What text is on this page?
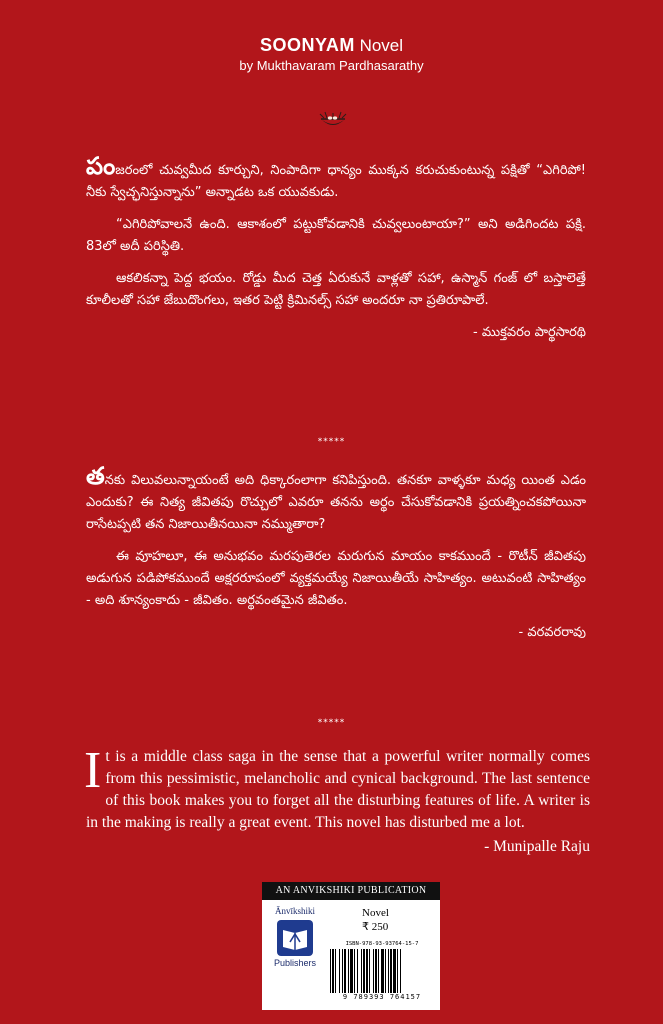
SOONYAM Novel
by Mukthavaram Pardhasarathy

పంజరంలో చువ్వమీద కూర్చుని, నింపాదిగా ధాన్యం ముక్కన కరుచుకుంటున్న పక్షితో “ఎగిరిపో! నీకు స్వేచ్ఛనిస్తున్నాను” అన్నాడట ఒక యువకుడు.

“ఎగిరిపోవాలనే ఉంది. ఆకాశంలో పట్టుకోవడానికి చువ్వలుంటాయా?” అని అడిగిందట పక్షి. 83లో అదీ పరిస్థితి.

ఆకలికన్నా పెద్ద భయం. రోడ్డు మీద చెత్త ఏరుకునే వాళ్లతో సహా, ఉస్మాన్ గంజ్ లో బస్తాలెత్తే కూలీలతో సహా జేబుదొంగలు, ఇతర పెట్టి క్రిమినల్స్ సహా అందరూ నా ప్రతిరూపాలే.

- ముక్తవరం పార్థసారథి
*****

తనకు విలువలున్నాయంటే అది ధిక్కారంలాగా కనిపిస్తుంది. తనకూ వాళ్ళకూ మధ్య యింత ఎడం ఎందుకు? ఈ నిత్య జీవితపు రొచ్చులో ఎవరూ తనను అర్థం చేసుకోవడానికి ప్రయత్నించకపోయినా రాసేటప్పటి తన నిజాయితీనయినా నమ్ముతారా?

ఈ వూహలూ, ఈ అనుభవం మరపుతెరల మరుగున మాయం కాకముందే - రొటీన్ జీవితపు అడుగున పడిపోకముందే అక్షరరూపంలో వ్యక్తమయ్యే నిజాయితీయే సాహిత్యం. అటువంటి సాహిత్యం - అది శూన్యంకాదు - జీవితం. అర్థవంతమైన జీవితం.

- వరవరరావు
*****
It is a middle class saga in the sense that a powerful writer normally comes from this pessimistic, melancholic and cynical background. The last sentence of this book makes you to forget all the disturbing features of life. A writer is in the making is really a great event. This novel has disturbed me a lot.
- Munipalle Raju
AN ANVIKSHIKI PUBLICATION
Ānvīkshiki
Publishers
Novel
₹ 250
ISBN-978-93-93764-15-7
9 789393 764157
